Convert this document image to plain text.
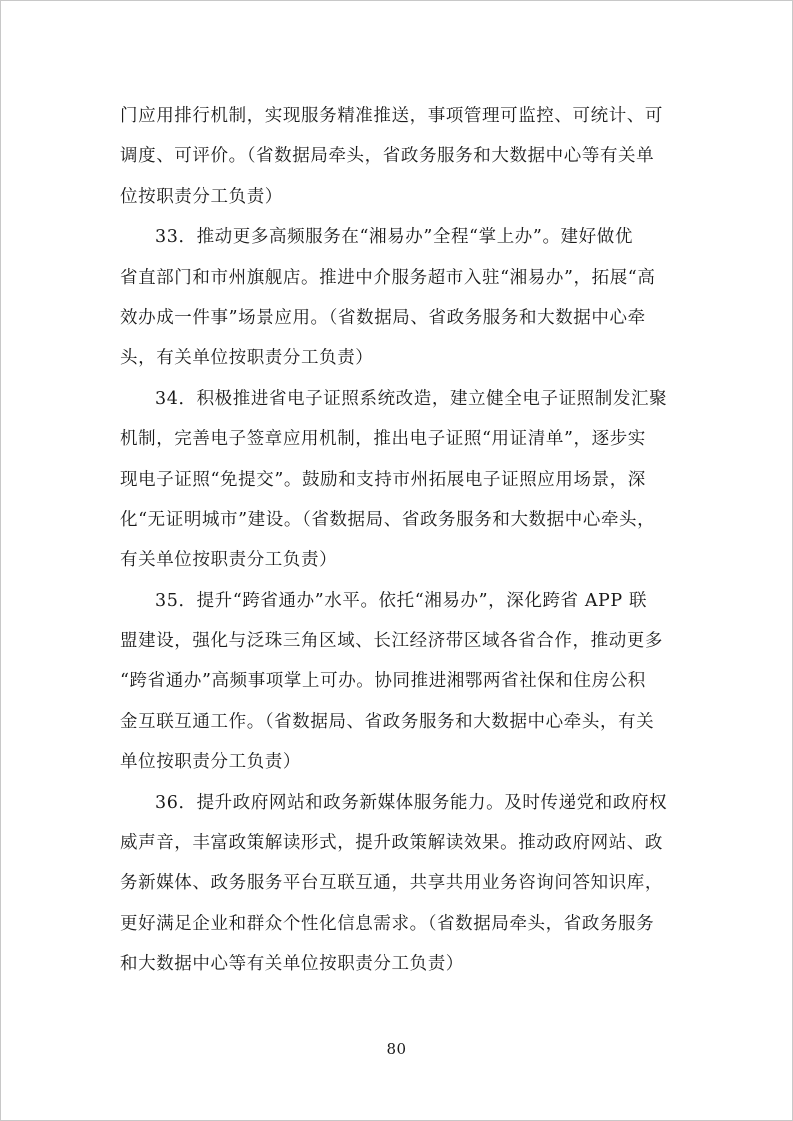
门应用排行机制，实现服务精准推送，事项管理可监控、可统计、可
调度、可评价。（省数据局牵头，省政务服务和大数据中心等有关单
位按职责分工负责）

33．推动更多高频服务在“湘易办”全程“掌上办”。建好做优
省直部门和市州旗舰店。推进中介服务超市入驻“湘易办”，拓展“高
效办成一件事”场景应用。（省数据局、省政务服务和大数据中心牵
头，有关单位按职责分工负责）

34．积极推进省电子证照系统改造，建立健全电子证照制发汇聚
机制，完善电子签章应用机制，推出电子证照“用证清单”，逐步实
现电子证照“免提交”。鼓励和支持市州拓展电子证照应用场景，深
化“无证明城市”建设。（省数据局、省政务服务和大数据中心牵头，
有关单位按职责分工负责）

35．提升“跨省通办”水平。依托“湘易办”，深化跨省 APP 联
盟建设，强化与泛珠三角区域、长江经济带区域各省合作，推动更多
“跨省通办”高频事项掌上可办。协同推进湘鄂两省社保和住房公积
金互联互通工作。（省数据局、省政务服务和大数据中心牵头，有关
单位按职责分工负责）

36．提升政府网站和政务新媒体服务能力。及时传递党和政府权
威声音，丰富政策解读形式，提升政策解读效果。推动政府网站、政
务新媒体、政务服务平台互联互通，共享共用业务咨询问答知识库，
更好满足企业和群众个性化信息需求。（省数据局牵头，省政务服务
和大数据中心等有关单位按职责分工负责）

80
